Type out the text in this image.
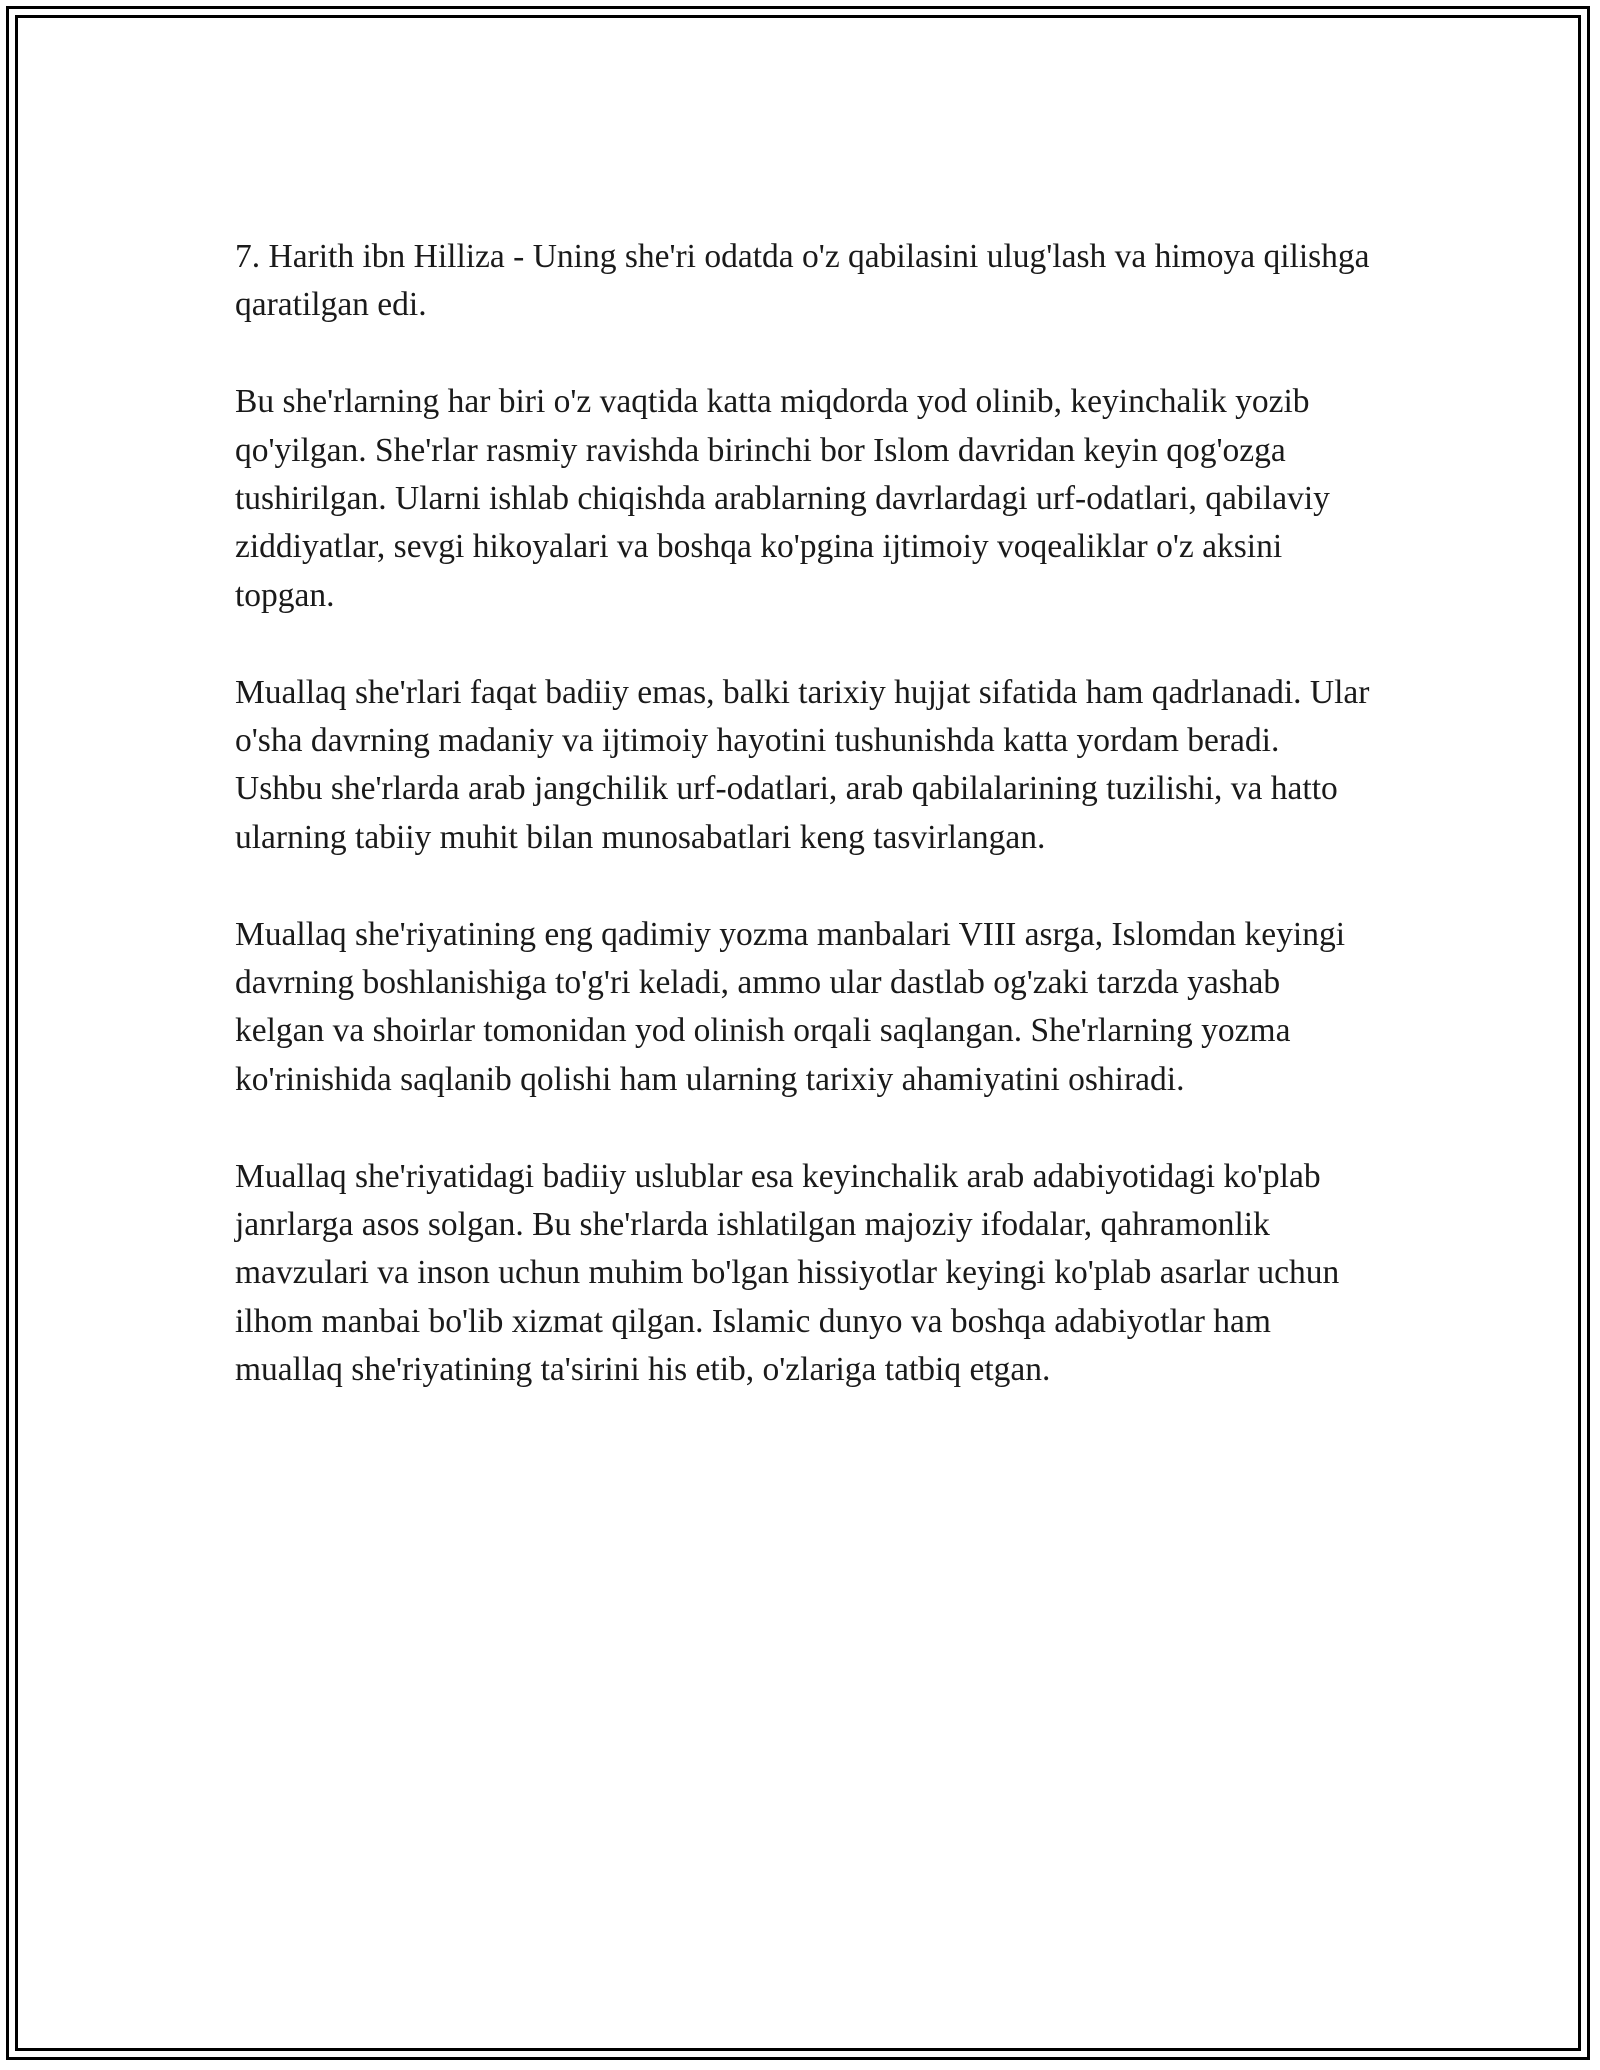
7. Harith ibn Hilliza - Uning she'ri odatda o'z qabilasini ulug'lash va himoya qilishga qaratilgan edi.

Bu she'rlarning har biri o'z vaqtida katta miqdorda yod olinib, keyinchalik yozib qo'yilgan. She'rlar rasmiy ravishda birinchi bor Islom davridan keyin qog'ozga tushirilgan. Ularni ishlab chiqishda arablarning davrlardagi urf-odatlari, qabilaviy ziddiyatlar, sevgi hikoyalari va boshqa ko'pgina ijtimoiy voqealiklar o'z aksini topgan.

Muallaq she'rlari faqat badiiy emas, balki tarixiy hujjat sifatida ham qadrlanadi. Ular o'sha davrning madaniy va ijtimoiy hayotini tushunishda katta yordam beradi. Ushbu she'rlarda arab jangchilik urf-odatlari, arab qabilalarining tuzilishi, va hatto ularning tabiiy muhit bilan munosabatlari keng tasvirlangan.

Muallaq she'riyatining eng qadimiy yozma manbalari VIII asrga, Islomdan keyingi davrning boshlanishiga to'g'ri keladi, ammo ular dastlab og'zaki tarzda yashab kelgan va shoirlar tomonidan yod olinish orqali saqlangan. She'rlarning yozma ko'rinishida saqlanib qolishi ham ularning tarixiy ahamiyatini oshiradi.

Muallaq she'riyatidagi badiiy uslublar esa keyinchalik arab adabiyotidagi ko'plab janrlarga asos solgan. Bu she'rlarda ishlatilgan majoziy ifodalar, qahramonlik mavzulari va inson uchun muhim bo'lgan hissiyotlar keyingi ko'plab asarlar uchun ilhom manbai bo'lib xizmat qilgan. Islamic dunyo va boshqa adabiyotlar ham muallaq she'riyatining ta'sirini his etib, o'zlariga tatbiq etgan.
